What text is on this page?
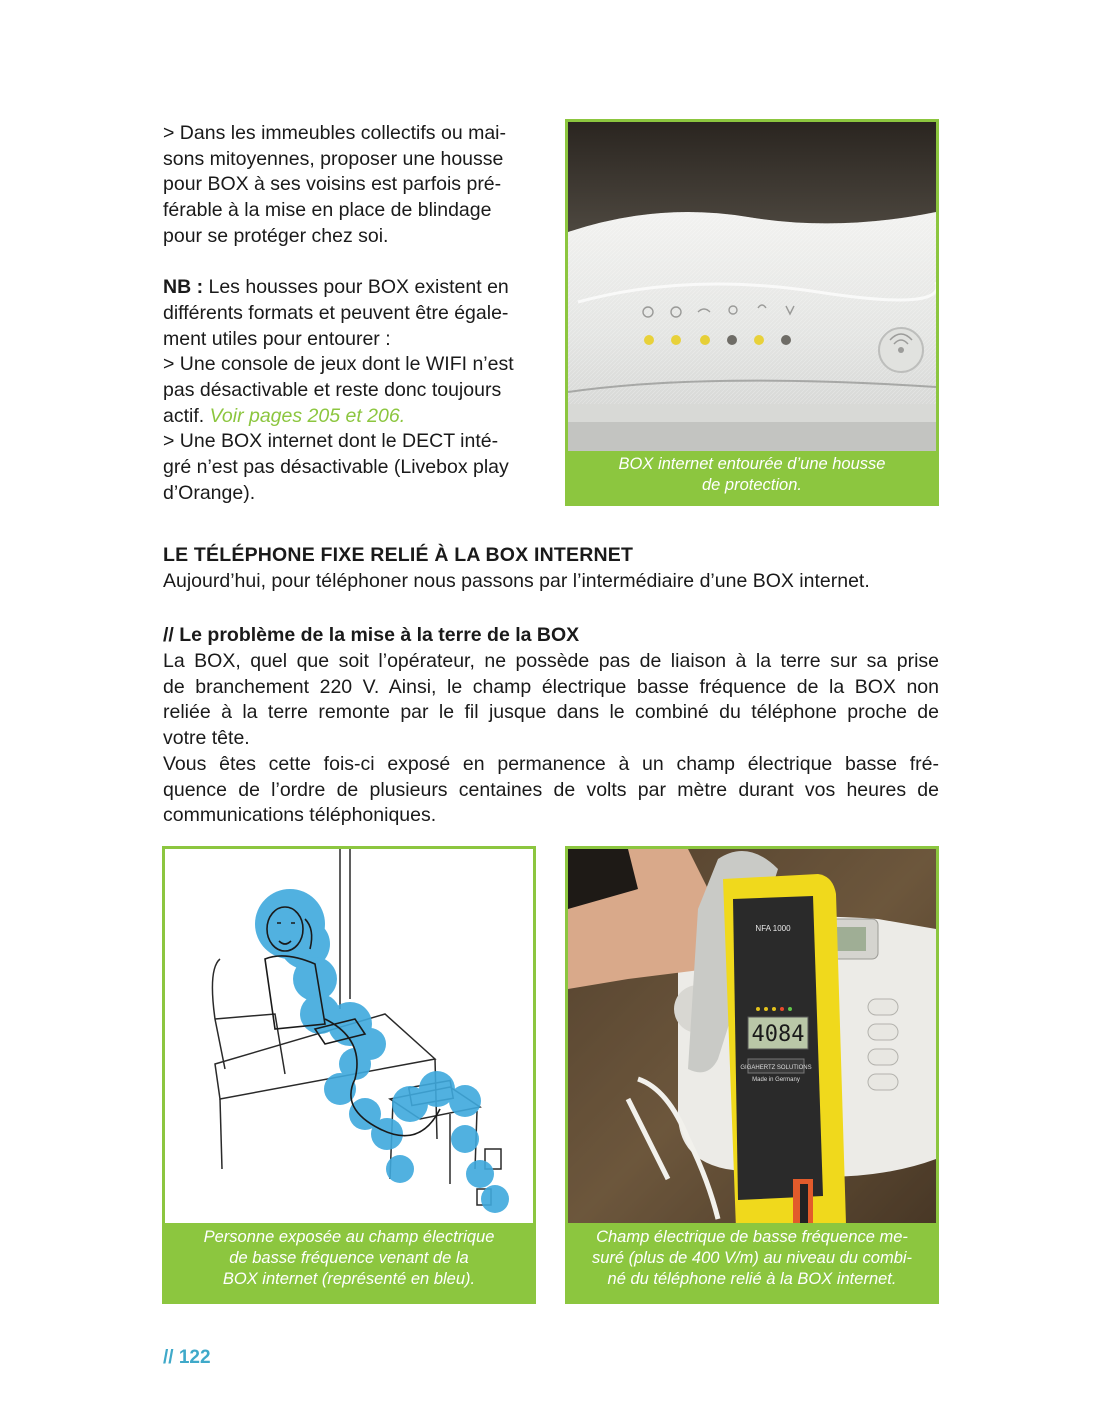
> Dans les immeubles collectifs ou mai-
sons mitoyennes, proposer une housse
pour BOX à ses voisins est parfois pré-
férable à la mise en place de blindage
pour se protéger chez soi.
NB : Les housses pour BOX existent en
différents formats et peuvent être égale-
ment utiles pour entourer :
> Une console de jeux dont le WIFI n’est
pas désactivable et reste donc toujours
actif. Voir pages 205 et 206.
> Une BOX internet dont le DECT inté-
gré n’est pas désactivable (Livebox play
d’Orange).
BOX internet entourée d’une housse
de protection.
LE TÉLÉPHONE FIXE RELIÉ À LA BOX INTERNET
Aujourd’hui, pour téléphoner nous passons par l’intermédiaire d’une BOX internet.
// Le problème de la mise à la terre de la BOX
La BOX, quel que soit l’opérateur, ne possède pas de liaison à la terre sur sa prise
de branchement 220 V. Ainsi, le champ électrique basse fréquence de la BOX non
reliée à la terre remonte par le fil jusque dans le combiné du téléphone proche de
votre tête.
Vous êtes cette fois-ci exposé en permanence à un champ électrique basse fré-
quence de l’ordre de plusieurs centaines de volts par mètre durant vos heures de
communications téléphoniques.
Personne exposée au champ électrique
de basse fréquence venant de la
BOX internet (représenté en bleu).
4084
NFA 1000
GIGAHERTZ SOLUTIONS
Made in Germany
Champ électrique de basse fréquence me-
suré (plus de 400 V/m) au niveau du combi-
né du téléphone relié à la BOX internet.
// 122
